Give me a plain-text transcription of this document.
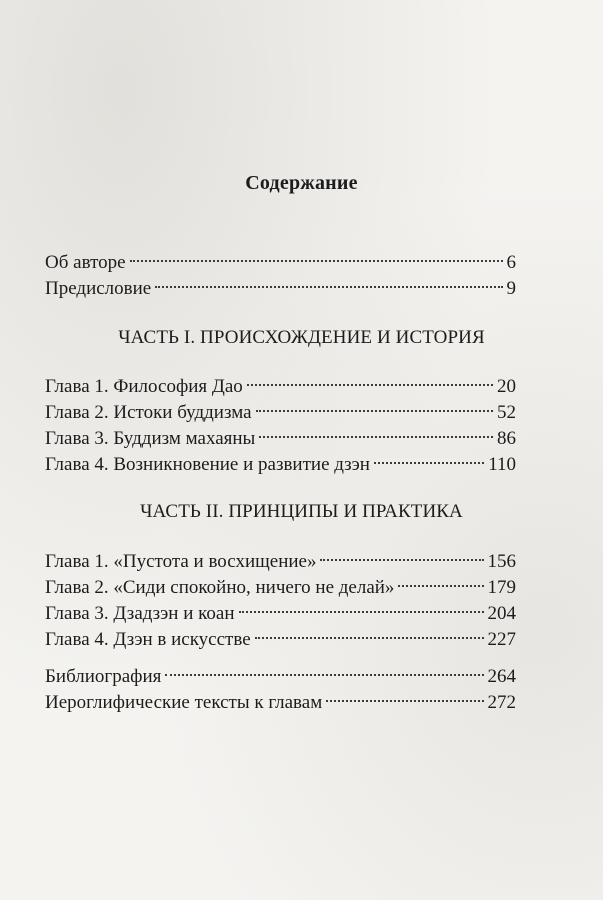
Содержание
Об авторе	6
Предисловие	9
Глава 1. Философия Дао	20
Глава 2. Истоки буддизма	52
Глава 3. Буддизм махаяны	86
Глава 4. Возникновение и развитие дзэн	110
Глава 1. «Пустота и восхищение»	156
Глава 2. «Сиди спокойно, ничего не делай»	179
Глава 3. Дзадзэн и коан	204
Глава 4. Дзэн в искусстве	227
Библиография	264
Иероглифические тексты к главам	272
ЧАСТЬ I. ПРОИСХОЖДЕНИЕ И ИСТОРИЯ
ЧАСТЬ II. ПРИНЦИПЫ И ПРАКТИКА
